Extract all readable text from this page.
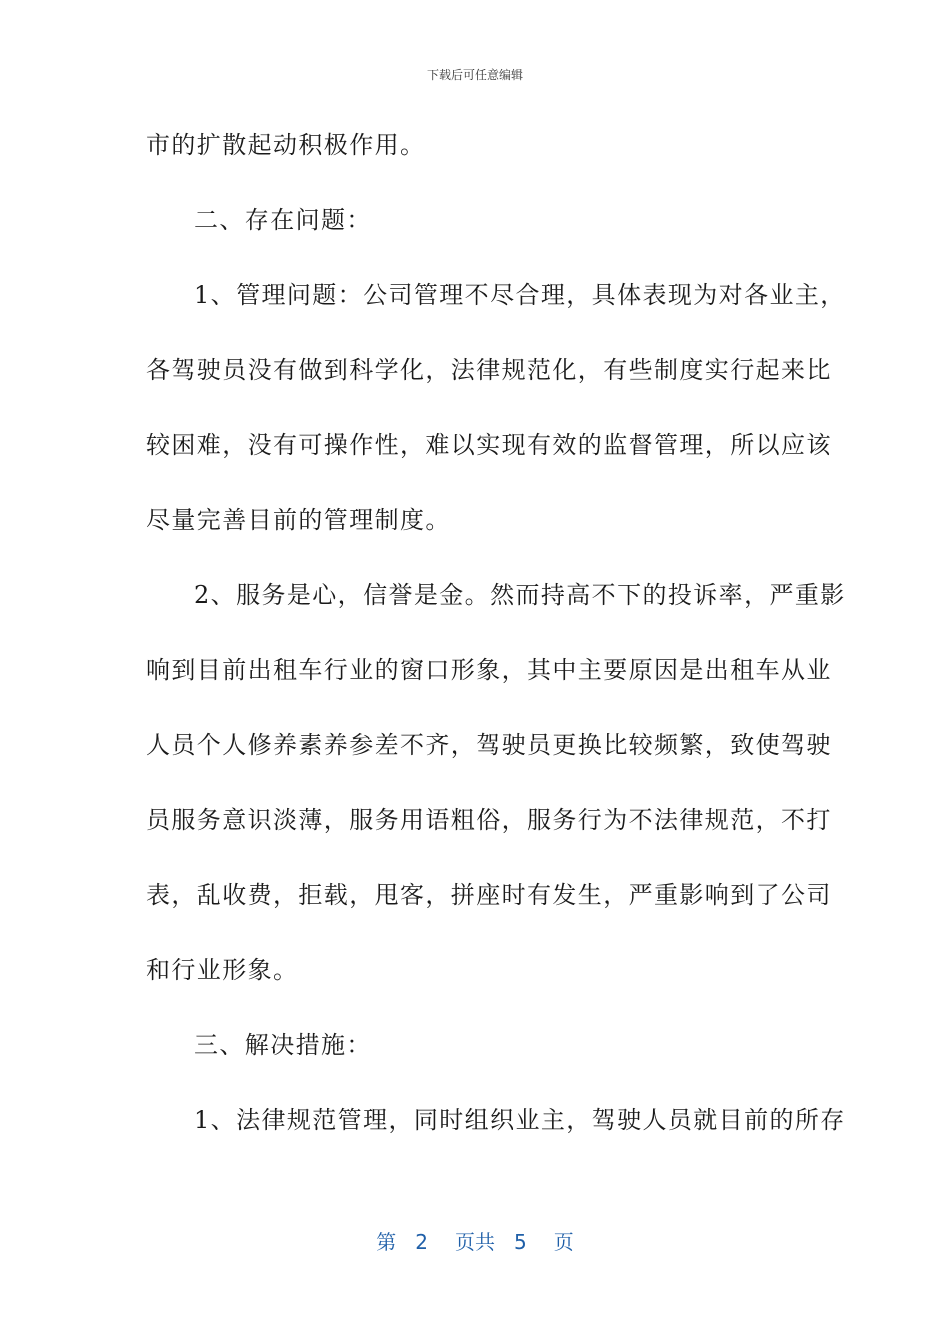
下载后可任意编辑
市的扩散起动积极作用。
二、存在问题：
1、管理问题：公司管理不尽合理，具体表现为对各业主，
各驾驶员没有做到科学化，法律规范化，有些制度实行起来比
较困难，没有可操作性，难以实现有效的监督管理，所以应该
尽量完善目前的管理制度。
2、服务是心，信誉是金。然而持高不下的投诉率，严重影
响到目前出租车行业的窗口形象，其中主要原因是出租车从业
人员个人修养素养参差不齐，驾驶员更换比较频繁，致使驾驶
员服务意识淡薄，服务用语粗俗，服务行为不法律规范，不打
表，乱收费，拒载，甩客，拼座时有发生，严重影响到了公司
和行业形象。
三、解决措施：
1、法律规范管理，同时组织业主，驾驶人员就目前的所存
第 2 页共 5 页
